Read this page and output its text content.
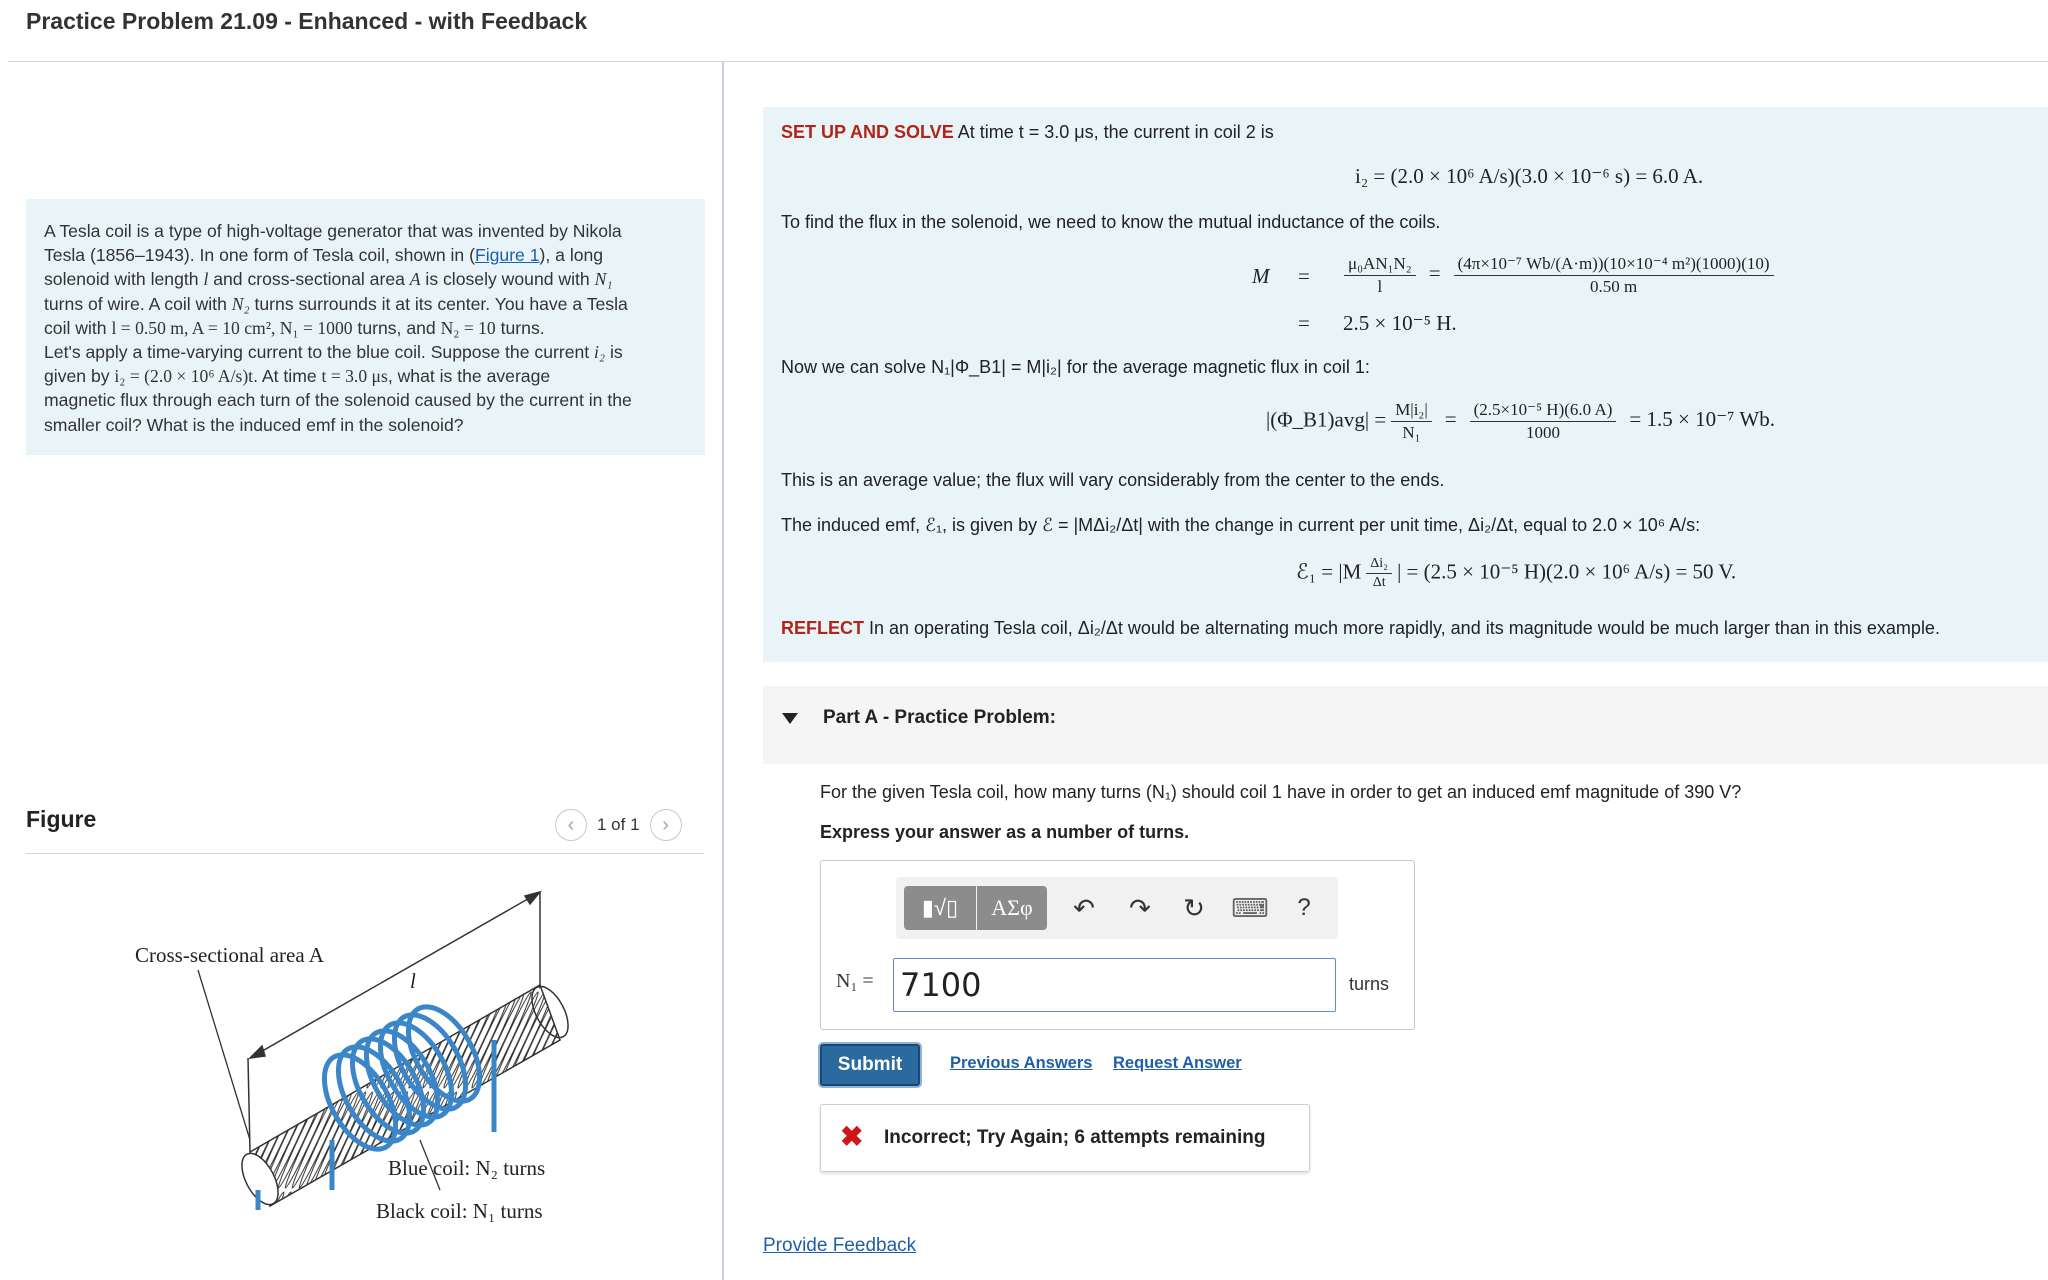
Practice Problem 21.09 - Enhanced - with Feedback
A Tesla coil is a type of high-voltage generator that was invented by Nikola
Tesla (1856–1943). In one form of Tesla coil, shown in (Figure 1), a long
solenoid with length l and cross-sectional area A is closely wound with N₁
turns of wire. A coil with N₂ turns surrounds it at its center. You have a Tesla
coil with l = 0.50 m, A = 10 cm², N₁ = 1000 turns, and N₂ = 10 turns.
Let's apply a time-varying current to the blue coil. Suppose the current i₂ is
given by i₂ = (2.0 × 10⁶ A/s)t. At time t = 3.0 μs, what is the average
magnetic flux through each turn of the solenoid caused by the current in the
smaller coil? What is the induced emf in the solenoid?
Figure	‹	1 of 1	›
l
Cross-sectional area A
Blue coil: N₂ turns
Black coil: N₁ turns
SET UP AND SOLVE At time t = 3.0 μs, the current in coil 2 is
i₂ = (2.0 × 10⁶ A/s)(3.0 × 10⁻⁶ s) = 6.0 A.
To find the flux in the solenoid, we need to know the mutual inductance of the coils.
$M = \frac{\text{μ₀AN₁N₂}}{l} = \frac{\text{(4π×10⁻⁷ Wb/(A·m))(10×10⁻⁴ m²)(1000)(10)}}{0.50 m}$
= 2.5 × 10⁻⁵ H.
Now we can solve N₁|Φ_B1| = M|i₂| for the average magnetic flux in coil 1:
|(Φ_B1)avg| = $\frac{\text{M|i₂|}}{\text{N₁}} = \frac{\text{(2.5×10⁻⁵ H)(6.0 A)}}{1000} = 1.5 \times 10^{-7}$ Wb.
This is an average value; the flux will vary considerably from the center to the ends.
The induced emf, ℰ₁, is given by ℰ = |MΔi₂/Δt| with the change in current per unit time, Δi₂/Δt, equal to 2.0 × 10⁶ A/s:
ℰ₁ = $|M \frac{\text{Δi₂}}{\Delta t}$ | = (2.5 × 10⁻⁵ H)(2.0 × 10⁶ A/s) = 50 V.
REFLECT In an operating Tesla coil, Δi₂/Δt would be alternating much more rapidly, and its magnitude would be much larger than in this example.
Part A - Practice Problem:
For the given Tesla coil, how many turns (N₁) should coil 1 have in order to get an induced emf magnitude of 390 V?
Express your answer as a number of turns.
▮√▯	ΑΣφ	↶	↷	↻	⌨	?
N₁ =
7100	turns
Submit	Previous Answers Request Answer
✖ Incorrect; Try Again; 6 attempts remaining
Provide Feedback
